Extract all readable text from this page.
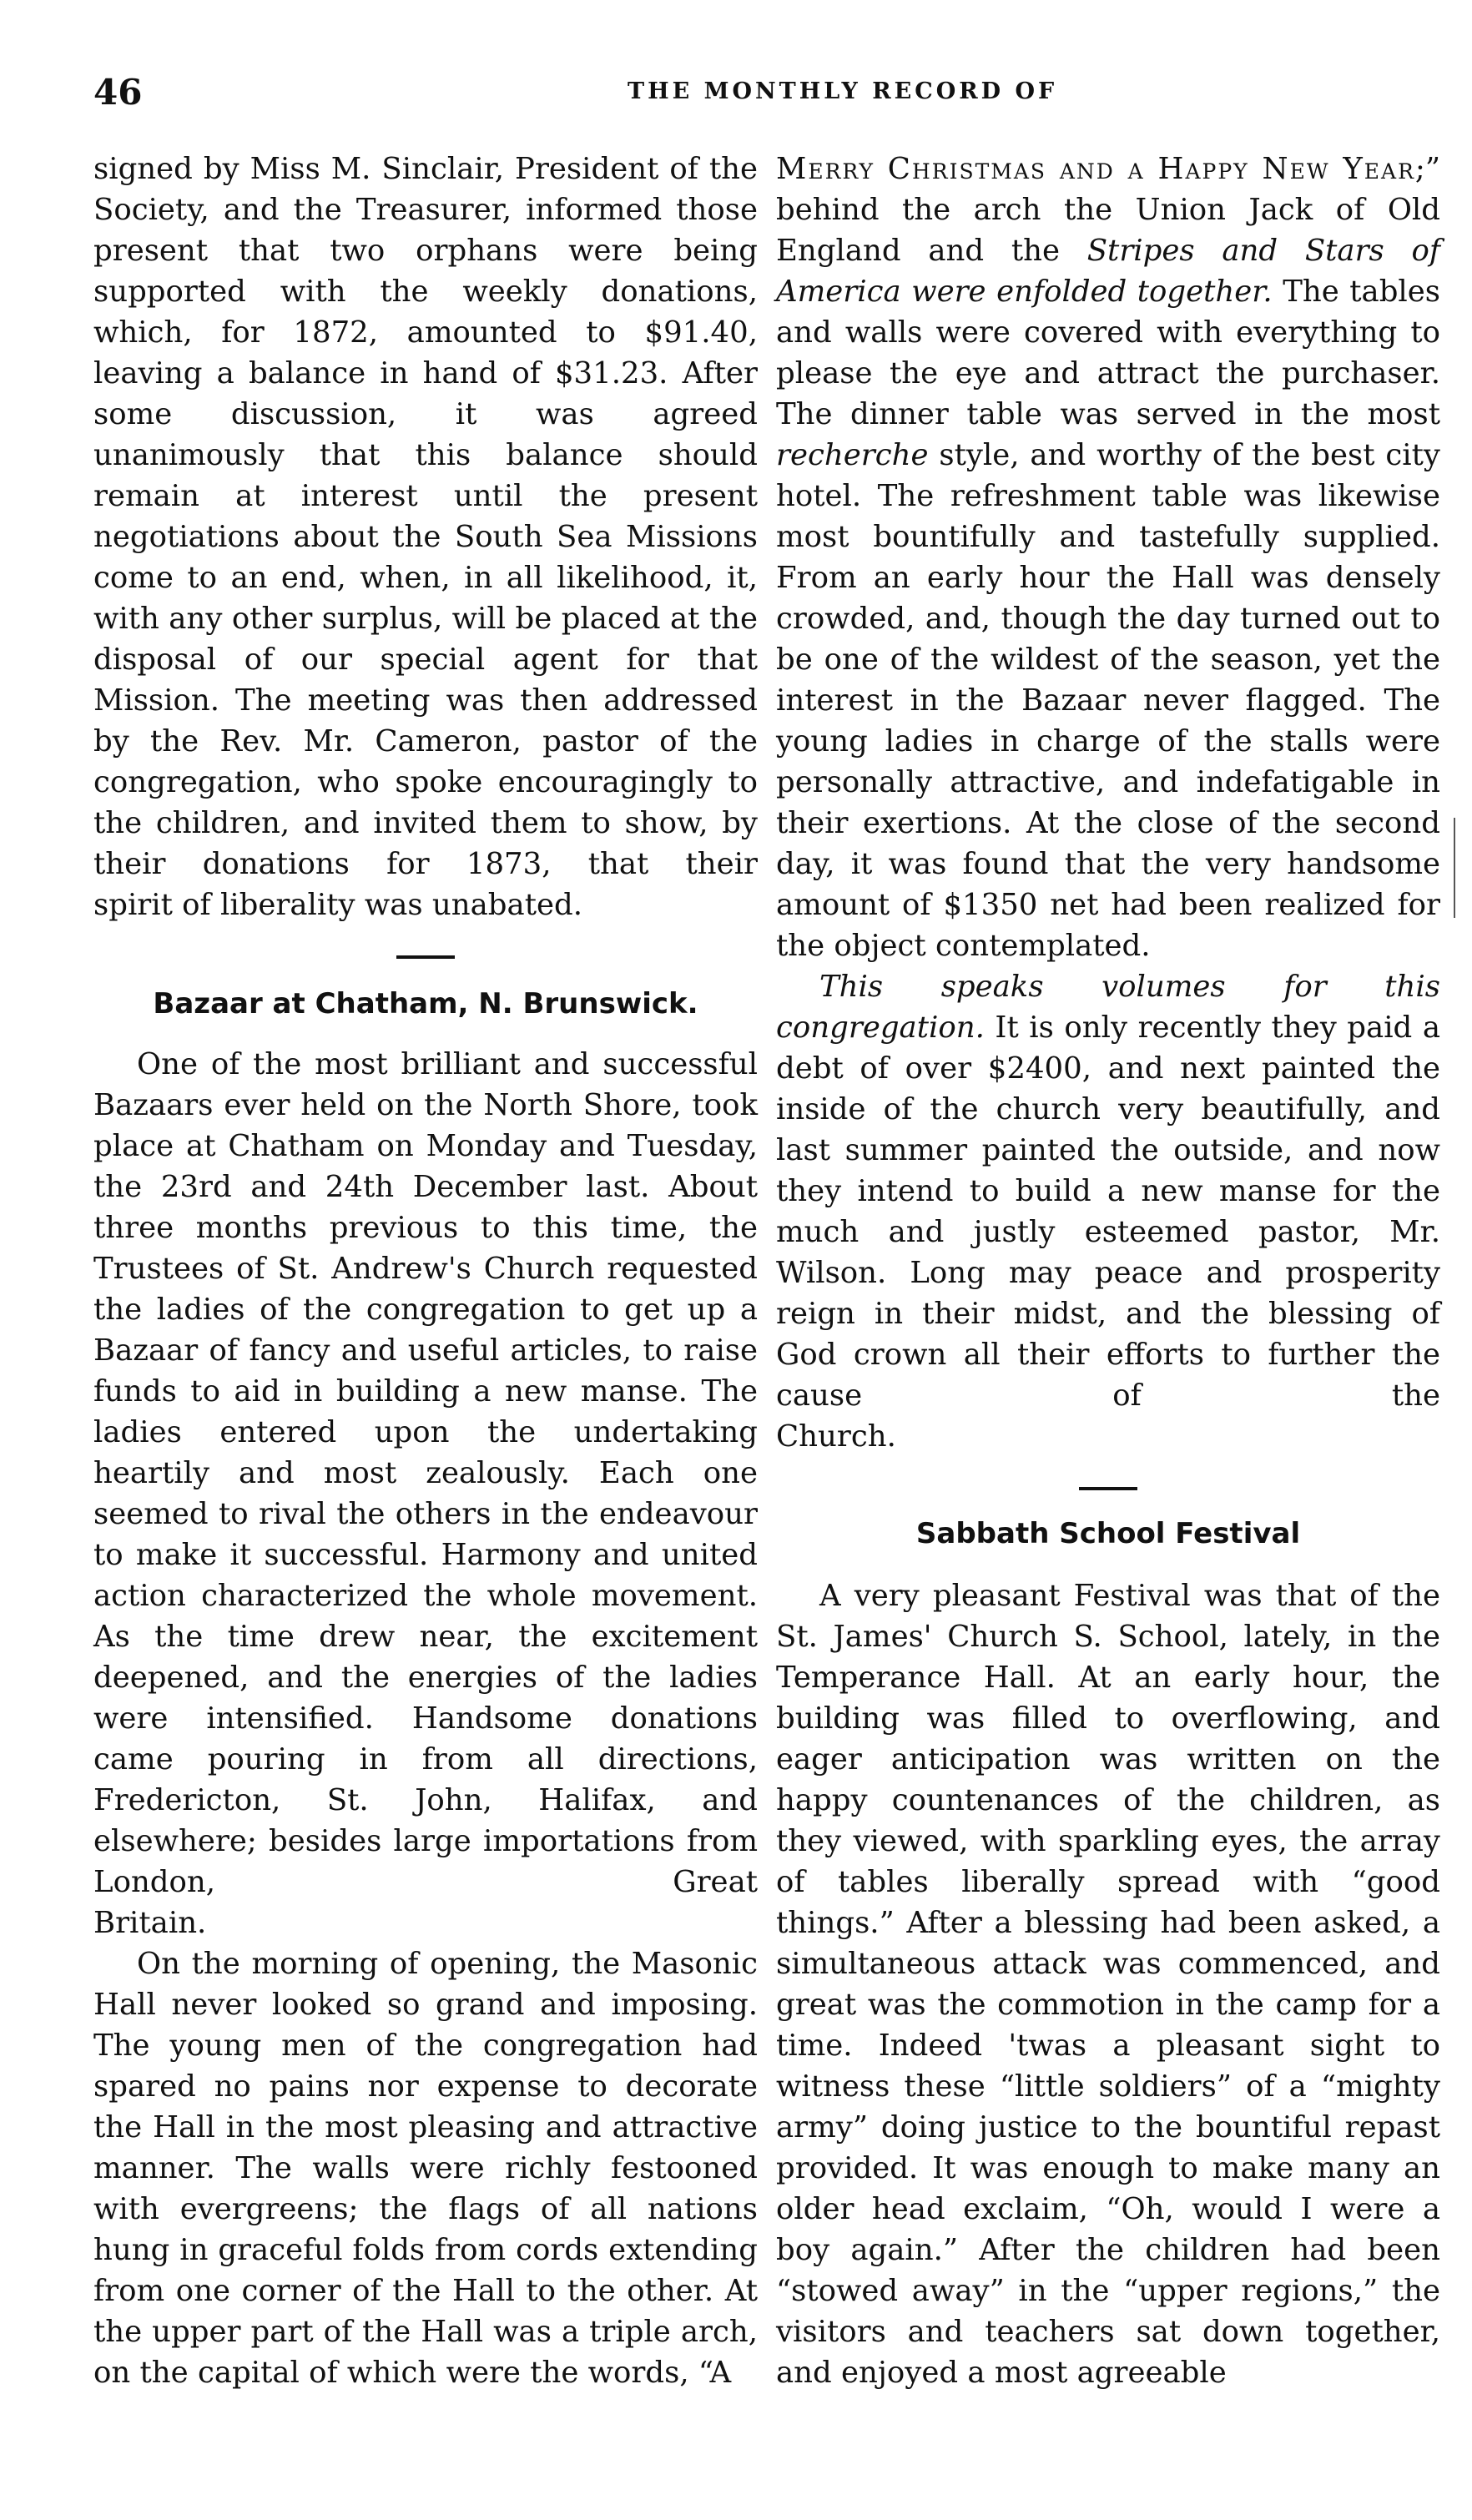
46	THE MONTHLY RECORD OF

signed by Miss M. Sinclair, President of the Society, and the Treasurer, informed those present that two orphans were being supported with the weekly donations, which, for 1872, amounted to $91.40, leaving a balance in hand of $31.23. After some discussion, it was agreed unanimously that this balance should remain at interest until the present negotiations about the South Sea Missions come to an end, when, in all likelihood, it, with any other surplus, will be placed at the disposal of our special agent for that Mission. The meeting was then addressed by the Rev. Mr. Cameron, pastor of the congregation, who spoke encouragingly to the children, and invited them to show, by their donations for 1873, that their

spirit of liberality was unabated.

Bazaar at Chatham, N. Brunswick.

One of the most brilliant and successful Bazaars ever held on the North Shore, took place at Chatham on Monday and Tuesday, the 23rd and 24th December last. About three months previous to this time, the Trustees of St. Andrew's Church requested the ladies of the congregation to get up a Bazaar of fancy and useful articles, to raise funds to aid in building a new manse. The ladies entered upon the undertaking heartily and most zealously. Each one seemed to rival the others in the endeavour to make it successful. Harmony and united action characterized the whole movement. As the time drew near, the excitement deepened, and the energies of the ladies were intensified. Handsome donations came pouring in from all directions, Fredericton, St. John, Halifax, and elsewhere; besides large importations from London, Great

Britain.

On the morning of opening, the Masonic Hall never looked so grand and imposing. The young men of the congregation had spared no pains nor expense to decorate the Hall in the most pleasing and attractive manner. The walls were richly festooned with evergreens; the flags of all nations hung in graceful folds from cords extending from one corner of the Hall to the other. At the upper part of the Hall was a triple arch, on the capital of which were the words, “A

Merry Christmas and a Happy New Year;” behind the arch the Union Jack of Old England and the Stripes and Stars of America were enfolded together. The tables and walls were covered with everything to please the eye and attract the purchaser. The dinner table was served in the most recherche style, and worthy of the best city hotel. The refreshment table was likewise most bountifully and tastefully supplied. From an early hour the Hall was densely crowded, and, though the day turned out to be one of the wildest of the season, yet the interest in the Bazaar never flagged. The young ladies in charge of the stalls were personally attractive, and indefatigable in their exertions. At the close of the second day, it was found that the very handsome amount of $1350 net had been realized for the object contemplated.

This speaks volumes for this congregation. It is only recently they paid a debt of over $2400, and next painted the inside of the church very beautifully, and last summer painted the outside, and now they intend to build a new manse for the much and justly esteemed pastor, Mr. Wilson. Long may peace and prosperity reign in their midst, and the blessing of God crown all their efforts to further the cause of the

Church.

Sabbath School Festival

A very pleasant Festival was that of the St. James' Church S. School, lately, in the Temperance Hall. At an early hour, the building was filled to overflowing, and eager anticipation was written on the happy countenances of the children, as they viewed, with sparkling eyes, the array of tables liberally spread with “good things.” After a blessing had been asked, a simultaneous attack was commenced, and great was the commotion in the camp for a time. Indeed 'twas a pleasant sight to witness these “little soldiers” of a “mighty army” doing justice to the bountiful repast provided. It was enough to make many an older head exclaim, “Oh, would I were a boy again.” After the children had been “stowed away” in the “upper regions,” the visitors and teachers sat down together, and enjoyed a most agreeable
